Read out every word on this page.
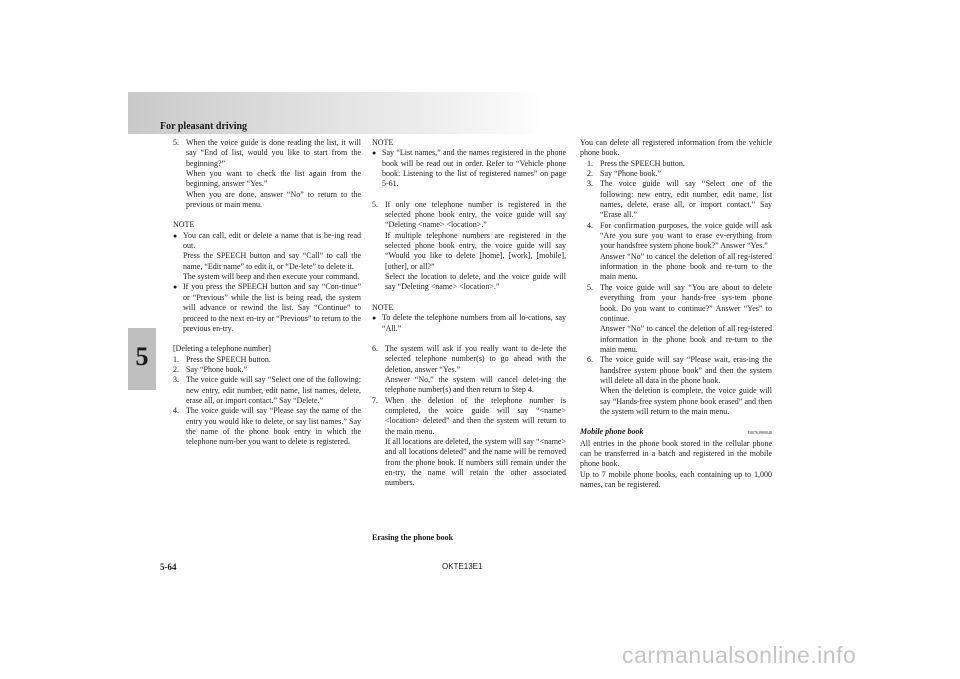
For pleasant driving
5
5. When the voice guide is done reading the list, it will say “End of list, would you like to start from the beginning?”

When you want to check the list again from the beginning, answer “Yes.”

When you are done, answer “No” to return to the previous or main menu.

NOTE

● You can call, edit or delete a name that is be-ing read out.

Press the SPEECH button and say “Call” to call the name, “Edit name” to edit it, or “De-lete” to delete it.

The system will beep and then execute your command.

● If you press the SPEECH button and say “Con-tinue” or “Previous” while the list is being read, the system will advance or rewind the list. Say “Continue” to proceed to the next en-try or “Previous” to return to the previous en-try.

[Deleting a telephone number]

1. Press the SPEECH button.
2. Say “Phone book.”
3. The voice guide will say “Select one of the following: new entry, edit number, edit name, list names, delete, erase all, or import contact.” Say “Delete.”
4. The voice guide will say “Please say the name of the entry you would like to delete, or say list names.” Say the name of the phone book entry in which the telephone num-ber you want to delete is registered.

NOTE

● Say “List names,” and the names registered in the phone book will be read out in order. Refer to “Vehicle phone book: Listening to the list of registered names” on page 5-61.
5. If only one telephone number is registered in the selected phone book entry, the voice guide will say “Deleting <name> <location>.”

If multiple telephone numbers are registered in the selected phone book entry, the voice guide will say “Would you like to delete [home], [work], [mobile], [other], or all?”

Select the location to delete, and the voice guide will say “Deleting <name> <location>.”

NOTE

● To delete the telephone numbers from all lo-cations, say “All.”
6. The system will ask if you really want to de-lete the selected telephone number(s) to go ahead with the deletion, answer “Yes.”

Answer “No,” the system will cancel delet-ing the telephone number(s) and then return to Step 4.

7. When the deletion of the telephone number is completed, the voice guide will say “<name> <location> deleted” and then the system will return to the main menu.

If all locations are deleted, the system will say “<name> and all locations deleted” and the name will be removed from the phone book. If numbers still remain under the en-try, the name will retain the other associated numbers.

Erasing the phone book

You can delete all registered information from the vehicle phone book.

1. Press the SPEECH button.
2. Say “Phone book.”
3. The voice guide will say “Select one of the following: new entry, edit number, edit name, list names, delete, erase all, or import contact.” Say “Erase all.”
4. For confirmation purposes, the voice guide will ask “Are you sure you want to erase ev-erything from your handsfree system phone book?” Answer “Yes.”

Answer “No” to cancel the deletion of all reg-istered information in the phone book and re-turn to the main menu.

5. The voice guide will say “You are about to delete everything from your hands-free sys-tem phone book. Do you want to continue?” Answer “Yes” to continue.

Answer “No” to cancel the deletion of all reg-istered information in the phone book and re-turn to the main menu.

6. The voice guide will say “Please wait, eras-ing the handsfree system phone book” and then the system will delete all data in the phone book.

When the deletion is complete, the voice guide will say “Hands-free system phone book erased” and then the system will return to the main menu.

Mobile phone book	E00763900048

All entries in the phone book stored in the cellular phone can be transferred in a batch and registered in the mobile phone book.

Up to 7 mobile phone books, each containing up to 1,000 names, can be registered.

5-64	OKTE13E1
carmanualsonline.info
